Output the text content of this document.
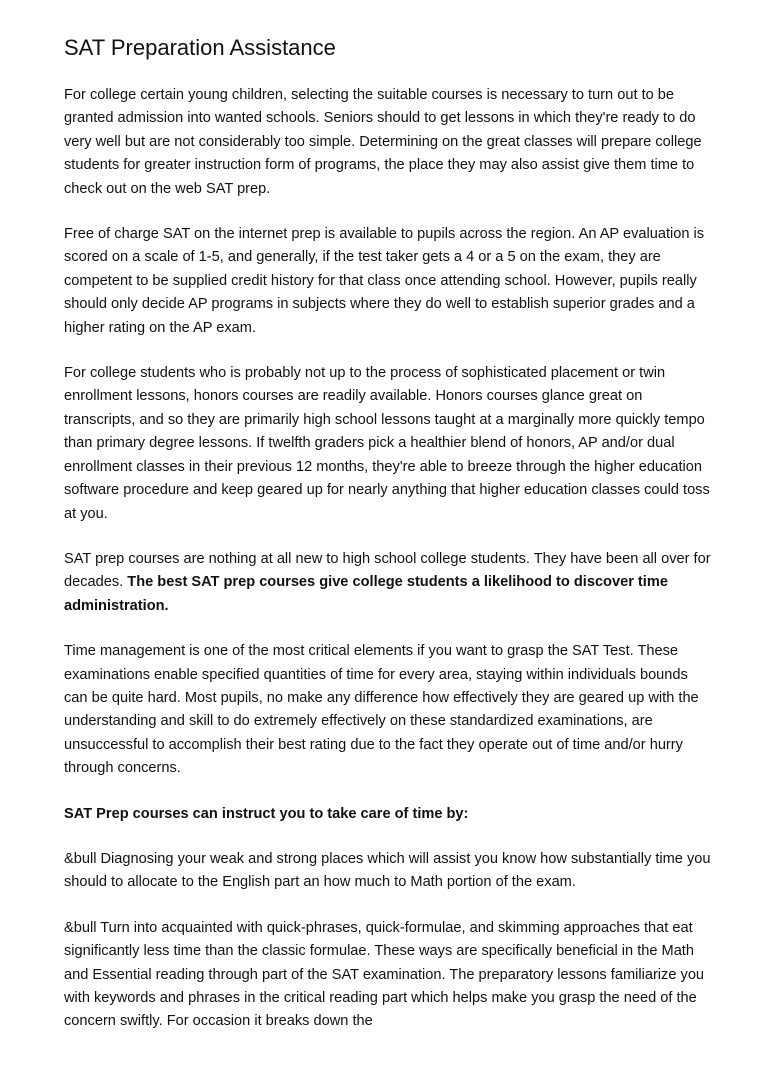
SAT Preparation Assistance

For college certain young children, selecting the suitable courses is necessary to turn out to be granted admission into wanted schools. Seniors should to get lessons in which they're ready to do very well but are not considerably too simple. Determining on the great classes will prepare college students for greater instruction form of programs, the place they may also assist give them time to check out on the web SAT prep.

Free of charge SAT on the internet prep is available to pupils across the region. An AP evaluation is scored on a scale of 1-5, and generally, if the test taker gets a 4 or a 5 on the exam, they are competent to be supplied credit history for that class once attending school. However, pupils really should only decide AP programs in subjects where they do well to establish superior grades and a higher rating on the AP exam.

For college students who is probably not up to the process of sophisticated placement or twin enrollment lessons, honors courses are readily available. Honors courses glance great on transcripts, and so they are primarily high school lessons taught at a marginally more quickly tempo than primary degree lessons. If twelfth graders pick a healthier blend of honors, AP and/or dual enrollment classes in their previous 12 months, they're able to breeze through the higher education software procedure and keep geared up for nearly anything that higher education classes could toss at you.

SAT prep courses are nothing at all new to high school college students. They have been all over for decades. The best SAT prep courses give college students a likelihood to discover time administration.

Time management is one of the most critical elements if you want to grasp the SAT Test. These examinations enable specified quantities of time for every area, staying within individuals bounds can be quite hard. Most pupils, no make any difference how effectively they are geared up with the understanding and skill to do extremely effectively on these standardized examinations, are unsuccessful to accomplish their best rating due to the fact they operate out of time and/or hurry through concerns.

SAT Prep courses can instruct you to take care of time by:

&bull Diagnosing your weak and strong places which will assist you know how substantially time you should to allocate to the English part an how much to Math portion of the exam.

&bull Turn into acquainted with quick-phrases, quick-formulae, and skimming approaches that eat significantly less time than the classic formulae. These ways are specifically beneficial in the Math and Essential reading through part of the SAT examination. The preparatory lessons familiarize you with keywords and phrases in the critical reading part which helps make you grasp the need of the concern swiftly. For occasion it breaks down the
